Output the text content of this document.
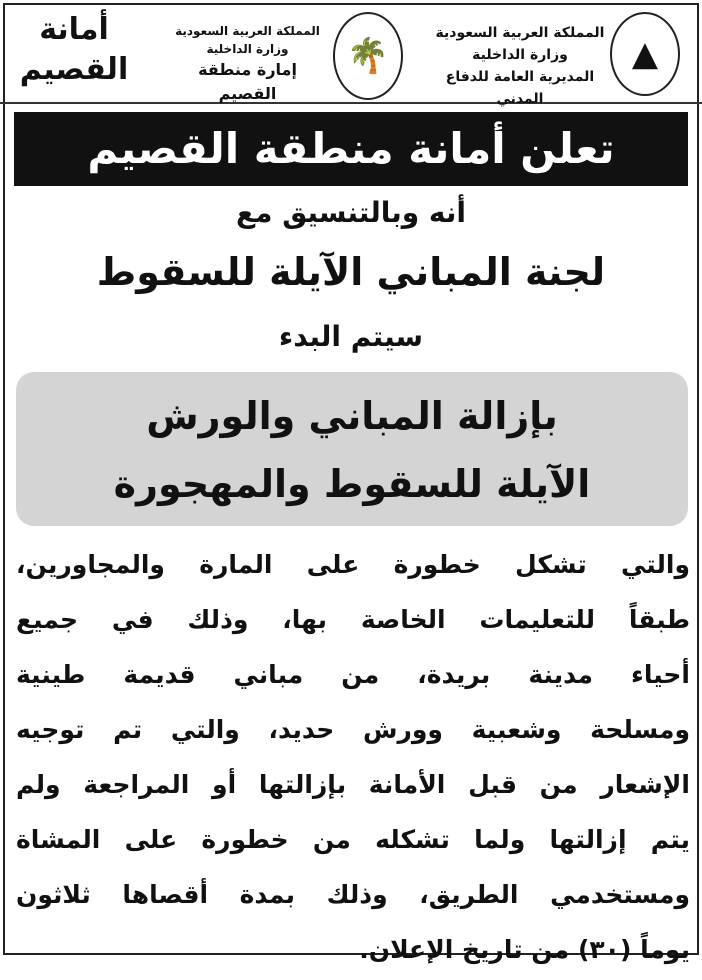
أمانة
القصيم
المملكة العربية السعودية
وزارة الداخلية
إمارة منطقة القصيم
🌴
المملكة العربية السعودية
وزارة الداخلية
المديرية العامة للدفاع المدني
▲
تعلن أمانة منطقة القصيم
أنه وبالتنسيق مع
لجنة المباني الآيلة للسقوط
سيتم البدء
بإزالة المباني والورش
الآيلة للسقوط والمهجورة

والتي تشكل خطورة على المارة والمجاورين،

طبقاً للتعليمات الخاصة بها، وذلك في جميع

أحياء مدينة بريدة، من مباني قديمة طينية

ومسلحة وشعبية وورش حديد، والتي تم توجيه

الإشعار من قبل الأمانة بإزالتها أو المراجعة ولم

يتم إزالتها ولما تشكله من خطورة على المشاة

ومستخدمي الطريق، وذلك بمدة أقصاها ثلاثون

يوماً (٣٠) من تاريخ الإعلان.
